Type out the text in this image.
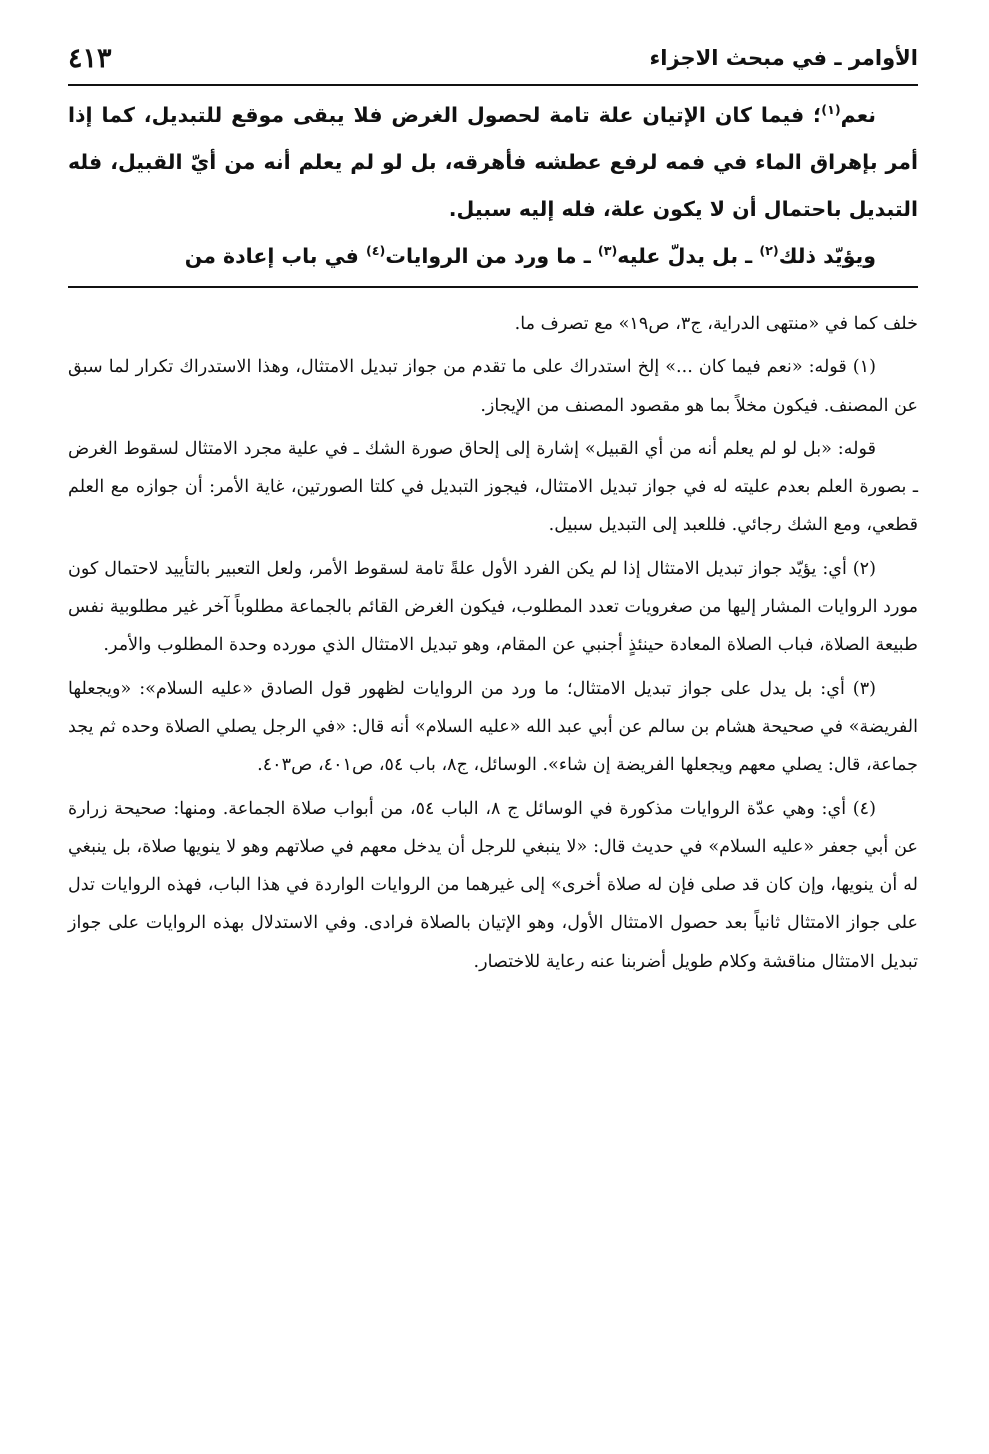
الأوامر ـ في مبحث الاجزاء
٤١٣

نعم$^{(١)}$؛ فيما كان الإتيان علة تامة لحصول الغرض فلا يبقى موقع للتبديل، كما إذا أمر بإهراق الماء في فمه لرفع عطشه فأهرقه، بل لو لم يعلم أنه من أيّ القبيل، فله التبديل باحتمال أن لا يكون علة، فله إليه سبيل.

ويؤيّد ذلك$^{(٢)}$ ـ بل يدلّ عليه$^{(٣)}$ ـ ما ورد من الروايات$^{(٤)}$ في باب إعادة من

خلف كما في «منتهى الدراية، ج٣، ص١٩» مع تصرف ما.

(١) قوله: «نعم فيما كان ...» إلخ استدراك على ما تقدم من جواز تبديل الامتثال، وهذا الاستدراك تكرار لما سبق عن المصنف. فيكون مخلاً بما هو مقصود المصنف من الإيجاز.

قوله: «بل لو لم يعلم أنه من أي القبيل» إشارة إلى إلحاق صورة الشك ـ في علية مجرد الامتثال لسقوط الغرض ـ بصورة العلم بعدم عليته له في جواز تبديل الامتثال، فيجوز التبديل في كلتا الصورتين، غاية الأمر: أن جوازه مع العلم قطعي، ومع الشك رجائي. فللعبد إلى التبديل سبيل.

(٢) أي: يؤيّد جواز تبديل الامتثال إذا لم يكن الفرد الأول علةً تامة لسقوط الأمر، ولعل التعبير بالتأييد لاحتمال كون مورد الروايات المشار إليها من صغرويات تعدد المطلوب، فيكون الغرض القائم بالجماعة مطلوباً آخر غير مطلوبية نفس طبيعة الصلاة، فباب الصلاة المعادة حينئذٍ أجنبي عن المقام، وهو تبديل الامتثال الذي مورده وحدة المطلوب والأمر.

(٣) أي: بل يدل على جواز تبديل الامتثال؛ ما ورد من الروايات لظهور قول الصادق «عليه السلام»: «ويجعلها الفريضة» في صحيحة هشام بن سالم عن أبي عبد الله «عليه السلام» أنه قال: «في الرجل يصلي الصلاة وحده ثم يجد جماعة، قال: يصلي معهم ويجعلها الفريضة إن شاء». الوسائل، ج٨، باب ٥٤، ص٤٠١، ص٤٠٣.

(٤) أي: وهي عدّة الروايات مذكورة في الوسائل ج ٨، الباب ٥٤، من أبواب صلاة الجماعة. ومنها: صحيحة زرارة عن أبي جعفر «عليه السلام» في حديث قال: «لا ينبغي للرجل أن يدخل معهم في صلاتهم وهو لا ينويها صلاة، بل ينبغي له أن ينويها، وإن كان قد صلى فإن له صلاة أخرى» إلى غيرهما من الروايات الواردة في هذا الباب، فهذه الروايات تدل على جواز الامتثال ثانياً بعد حصول الامتثال الأول، وهو الإتيان بالصلاة فرادى. وفي الاستدلال بهذه الروايات على جواز تبديل الامتثال مناقشة وكلام طويل أضربنا عنه رعاية للاختصار.
